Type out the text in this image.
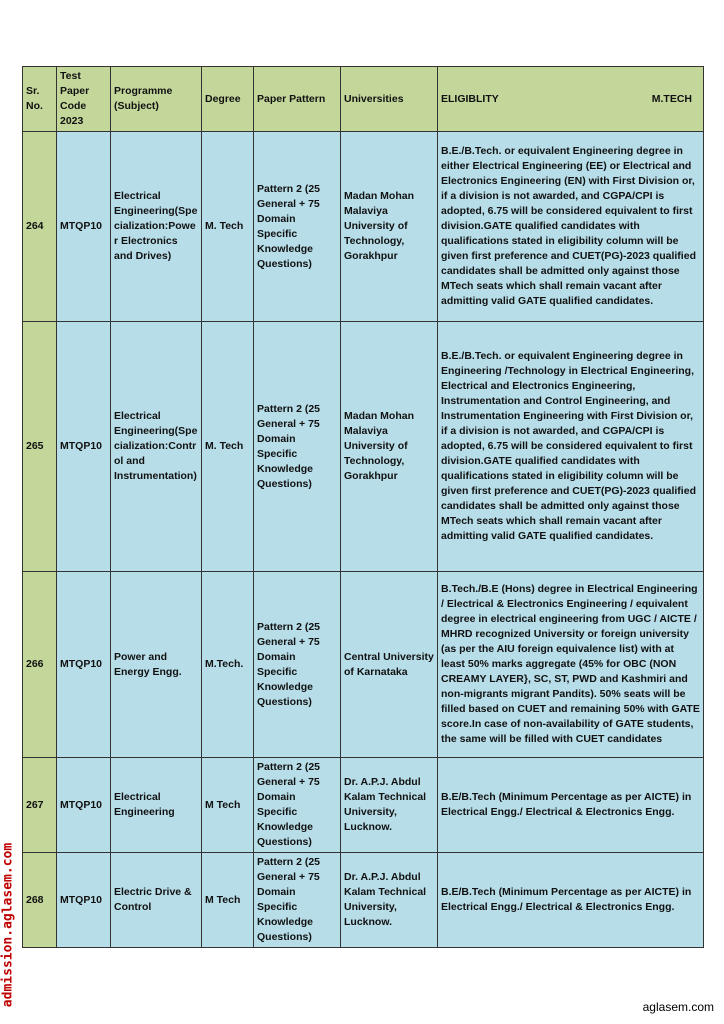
Sr. No.	Test Paper Code 2023	Programme (Subject)	Degree	Paper Pattern	Universities	ELIGIBLITY M.TECH

264	MTQP10	Electrical Engineering(Specialization:Power Electronics and Drives)	M. Tech	Pattern 2 (25 General + 75 Domain Specific Knowledge Questions)	Madan Mohan Malaviya University of Technology, Gorakhpur	B.E./B.Tech. or equivalent Engineering degree in either Electrical Engineering (EE) or Electrical and Electronics Engineering (EN) with First Division or, if a division is not awarded, and CGPA/CPI is adopted, 6.75 will be considered equivalent to first division.GATE qualified candidates with qualifications stated in eligibility column will be given first preference and CUET(PG)-2023 qualified candidates shall be admitted only against those MTech seats which shall remain vacant after admitting valid GATE qualified candidates.
265	MTQP10	Electrical Engineering(Specialization:Control and Instrumentation)	M. Tech	Pattern 2 (25 General + 75 Domain Specific Knowledge Questions)	Madan Mohan Malaviya University of Technology, Gorakhpur	B.E./B.Tech. or equivalent Engineering degree in Engineering /Technology in Electrical Engineering, Electrical and Electronics Engineering, Instrumentation and Control Engineering, and Instrumentation Engineering with First Division or, if a division is not awarded, and CGPA/CPI is adopted, 6.75 will be considered equivalent to first division.GATE qualified candidates with qualifications stated in eligibility column will be given first preference and CUET(PG)-2023 qualified candidates shall be admitted only against those MTech seats which shall remain vacant after admitting valid GATE qualified candidates.
266	MTQP10	Power and Energy Engg.	M.Tech.	Pattern 2 (25 General + 75 Domain Specific Knowledge Questions)	Central University of Karnataka	B.Tech./B.E (Hons) degree in Electrical Engineering / Electrical & Electronics Engineering / equivalent degree in electrical engineering from UGC / AICTE / MHRD recognized University or foreign university (as per the AIU foreign equivalence list) with at least 50% marks aggregate (45% for OBC (NON CREAMY LAYER}, SC, ST, PWD and Kashmiri and non-migrants migrant Pandits). 50% seats will be filled based on CUET and remaining 50% with GATE score.In case of non-availability of GATE students, the same will be filled with CUET candidates
267	MTQP10	Electrical Engineering	M Tech	Pattern 2 (25 General + 75 Domain Specific Knowledge Questions)	Dr. A.P.J. Abdul Kalam Technical University, Lucknow.	B.E/B.Tech (Minimum Percentage as per AICTE) in Electrical Engg./ Electrical & Electronics Engg.
268	MTQP10	Electric Drive & Control	M Tech	Pattern 2 (25 General + 75 Domain Specific Knowledge Questions)	Dr. A.P.J. Abdul Kalam Technical University, Lucknow.	B.E/B.Tech (Minimum Percentage as per AICTE) in Electrical Engg./ Electrical & Electronics Engg.
admission.aglasem.com	aglasem.com
